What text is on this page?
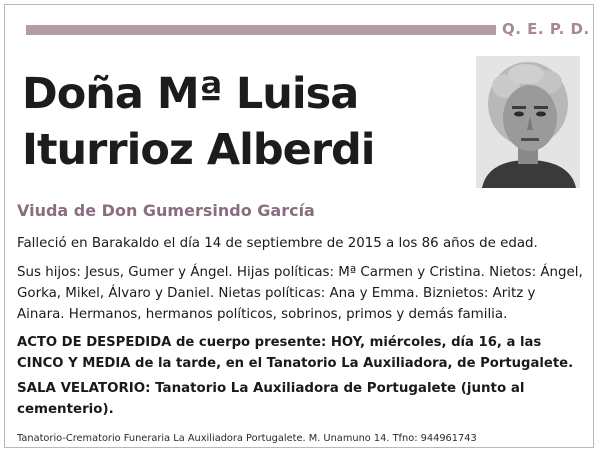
Q. E. P. D.
Doña Mª Luisa
Iturrioz Alberdi
Viuda de Don Gumersindo García
Falleció en Barakaldo el día 14 de septiembre de 2015 a los 86 años de edad.
Sus hijos: Jesus, Gumer y Ángel. Hijas políticas: Mª Carmen y Cristina. Nietos: Ángel, Gorka, Mikel, Álvaro y Daniel. Nietas políticas: Ana y Emma. Biznietos: Aritz y Ainara. Hermanos, hermanos políticos, sobrinos, primos y demás familia.
ACTO DE DESPEDIDA de cuerpo presente: HOY, miércoles, día 16, a las CINCO Y MEDIA de la tarde, en el Tanatorio La Auxiliadora, de Portugalete.
SALA VELATORIO: Tanatorio La Auxiliadora de Portugalete (junto al cementerio).
Tanatorio-Crematorio Funeraria La Auxiliadora Portugalete. M. Unamuno 14. Tfno: 944961743
